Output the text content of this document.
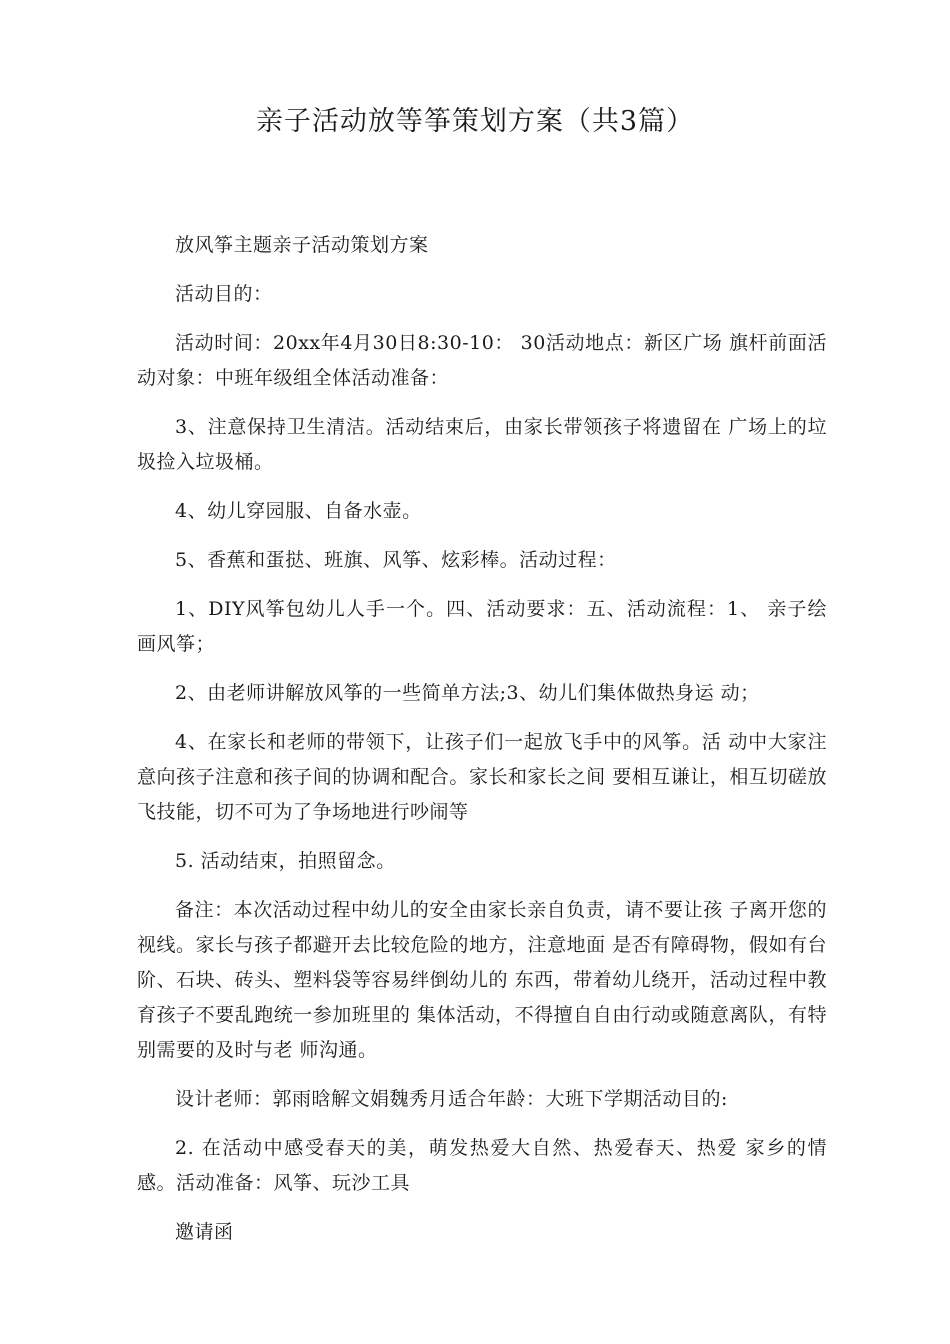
亲子活动放等筝策划方案（共3篇）

放风筝主题亲子活动策划方案

活动目的：

活动时间：20xx年4月30日8:30-10： 30活动地点：新区广场 旗杆前面活动对象：中班年级组全体活动准备：

3、注意保持卫生清洁。活动结束后，由家长带领孩子将遗留在 广场上的垃圾捡入垃圾桶。

4、幼儿穿园服、自备水壶。

5、香蕉和蛋挞、班旗、风筝、炫彩棒。活动过程：

1、DIY风筝包幼儿人手一个。四、活动要求：五、活动流程：1、 亲子绘画风筝；

2、由老师讲解放风筝的一些简单方法;3、幼儿们集体做热身运 动；

4、在家长和老师的带领下，让孩子们一起放飞手中的风筝。活 动中大家注意向孩子注意和孩子间的协调和配合。家长和家长之间 要相互谦让，相互切磋放飞技能，切不可为了争场地进行吵闹等

5. 活动结束，拍照留念。

备注：本次活动过程中幼儿的安全由家长亲自负责，请不要让孩 子离开您的视线。家长与孩子都避开去比较危险的地方，注意地面 是否有障碍物，假如有台阶、石块、砖头、塑料袋等容易绊倒幼儿的 东西，带着幼儿绕开，活动过程中教育孩子不要乱跑统一参加班里的 集体活动，不得擅自自由行动或随意离队，有特别需要的及时与老 师沟通。

设计老师：郭雨晗解文娟魏秀月适合年龄：大班下学期活动目的:

2. 在活动中感受春天的美，萌发热爱大自然、热爱春天、热爱 家乡的情感。活动准备：风筝、玩沙工具

邀请函
